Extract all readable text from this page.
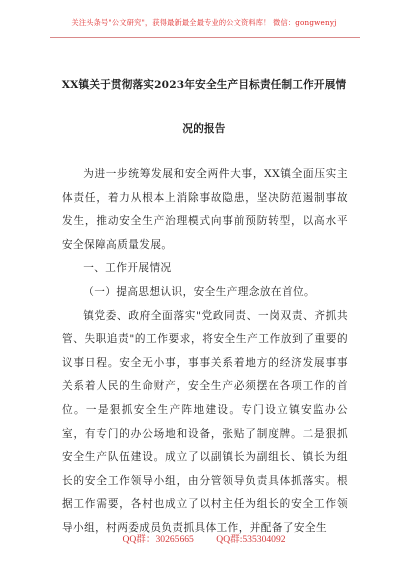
关注头条号"公文研究"，获得最新最全最专业的公文资料库！ 微信：gongwenyj
XX镇关于贯彻落实2023年安全生产目标责任制工作开展情况的报告

为进一步统筹发展和安全两件大事，XX镇全面压实主体责任，着力从根本上消除事故隐患，坚决防范遏制事故发生，推动安全生产治理模式向事前预防转型，以高水平安全保障高质量发展。

一、工作开展情况

（一）提高思想认识，安全生产理念放在首位。

镇党委、政府全面落实"党政同责、一岗双责、齐抓共管、失职追责"的工作要求，将安全生产工作放到了重要的议事日程。安全无小事，事事关系着地方的经济发展事事关系着人民的生命财产，安全生产必须摆在各项工作的首位。一是狠抓安全生产阵地建设。专门设立镇安监办公室，有专门的办公场地和设备，张贴了制度牌。二是狠抓安全生产队伍建设。成立了以副镇长为副组长、镇长为组长的安全工作领导小组，由分管领导负责具体抓落实。根据工作需要，各村也成立了以村主任为组长的安全工作领导小组，村两委成员负责抓具体工作，并配备了安全生

QQ群：30265665 QQ群:535304092
